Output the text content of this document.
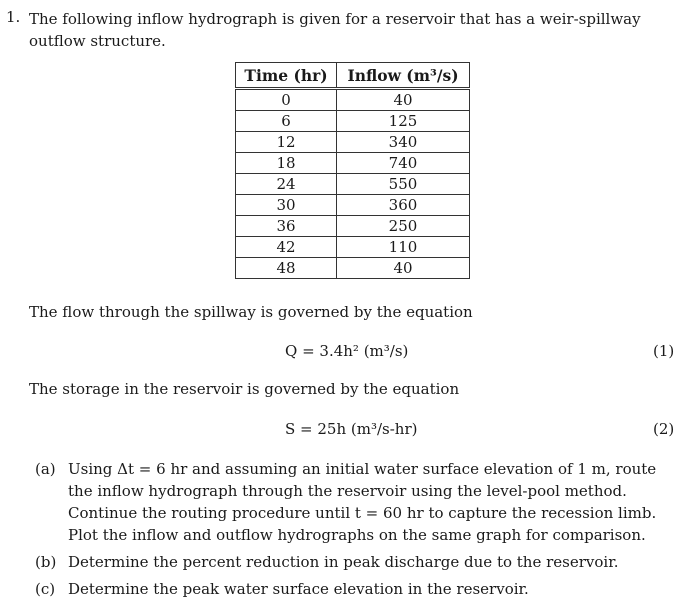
1. The following inflow hydrograph is given for a reservoir that has a weir-spillway outflow structure.
Time (hr)	Inflow (m³/s)
0	40
6	125
12	340
18	740
24	550
30	360
36	250
42	110
48	40
The flow through the spillway is governed by the equation
Q = 3.4h² (m³/s)	(1)
The storage in the reservoir is governed by the equation
S = 25h (m³/s-hr)	(2)
(a) Using Δt = 6 hr and assuming an initial water surface elevation of 1 m, route the inflow hydrograph through the reservoir using the level-pool method. Continue the routing procedure until t = 60 hr to capture the recession limb. Plot the inflow and outflow hydrographs on the same graph for comparison.
(b) Determine the percent reduction in peak discharge due to the reservoir.
(c) Determine the peak water surface elevation in the reservoir.
